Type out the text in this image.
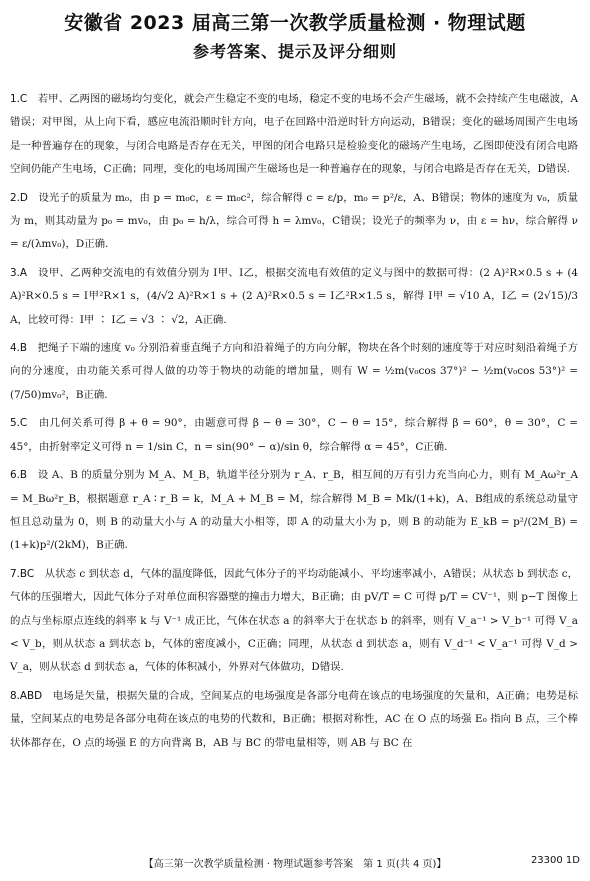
安徽省 2023 届高三第一次教学质量检测 · 物理试题
参考答案、提示及评分细则

1.C　 若甲、乙两图的磁场均匀变化，就会产生稳定不变的电场，稳定不变的电场不会产生磁场，就不会持续产生电磁波，A错误；对甲图，从上向下看，感应电流沿顺时针方向，电子在回路中沿逆时针方向运动，B错误；变化的磁场周围产生电场是一种普遍存在的现象，与闭合电路是否存在无关，甲图的闭合电路只是检验变化的磁场产生电场，乙图即使没有闭合电路空间仍能产生电场，C正确；同理，变化的电场周围产生磁场也是一种普遍存在的现象，与闭合电路是否存在无关，D错误.

2.D　 设光子的质量为 m₀，由 p = m₀c，ε = m₀c²，综合解得 c = ε/p，m₀ = p²/ε，A、B错误；物体的速度为 v₀，质量为 m，则其动量为 p₀ = mv₀，由 p₀ = h/λ，综合可得 h = λmv₀，C错误；设光子的频率为 ν，由 ε = hν，综合解得 ν = ε/(λmv₀)，D正确.

3.A　 设甲、乙两种交流电的有效值分别为 I甲、I乙，根据交流电有效值的定义与图中的数据可得：(2 A)²R×0.5 s + (4 A)²R×0.5 s = I甲²R×1 s，(4/√2 A)²R×1 s + (2 A)²R×0.5 s = I乙²R×1.5 s，解得 I甲 = √10 A，I乙 = (2√15)/3 A，比较可得：I甲 ∶ I乙 = √3 ∶ √2，A正确.

4.B　 把绳子下端的速度 v₀ 分别沿着垂直绳子方向和沿着绳子的方向分解，物块在各个时刻的速度等于对应时刻沿着绳子方向的分速度，由功能关系可得人做的功等于物块的动能的增加量，则有 W = ½m(v₀cos 37°)² − ½m(v₀cos 53°)² = (7/50)mv₀²，B正确.

5.C　 由几何关系可得 β + θ = 90°，由题意可得 β − θ = 30°，C − θ = 15°，综合解得 β = 60°，θ = 30°，C = 45°，由折射率定义可得 n = 1/sin C，n = sin(90° − α)/sin θ，综合解得 α = 45°，C正确.

6.B　 设 A、B 的质量分别为 M_A、M_B，轨道半径分别为 r_A、r_B，相互间的万有引力充当向心力，则有 M_Aω²r_A = M_Bω²r_B，根据题意 r_A ∶ r_B = k，M_A + M_B = M，综合解得 M_B = Mk/(1+k)，A、B组成的系统总动量守恒且总动量为 0，则 B 的动量大小与 A 的动量大小相等，即 A 的动量大小为 p，则 B 的动能为 E_kB = p²/(2M_B) = (1+k)p²/(2kM)，B正确.

7.BC　 从状态 c 到状态 d，气体的温度降低，因此气体分子的平均动能减小、平均速率减小，A错误；从状态 b 到状态 c，气体的压强增大，因此气体分子对单位面积容器壁的撞击力增大，B正确；由 pV/T = C 可得 p/T = CV⁻¹，则 p−T 图像上的点与坐标原点连线的斜率 k 与 V⁻¹ 成正比，气体在状态 a 的斜率大于在状态 b 的斜率，则有 V_a⁻¹ > V_b⁻¹ 可得 V_a < V_b，则从状态 a 到状态 b，气体的密度减小，C正确；同理，从状态 d 到状态 a，则有 V_d⁻¹ < V_a⁻¹ 可得 V_d > V_a，则从状态 d 到状态 a，气体的体积减小，外界对气体做功，D错误.

8.ABD　 电场是矢量，根据矢量的合成，空间某点的电场强度是各部分电荷在该点的电场强度的矢量和，A正确；电势是标量，空间某点的电势是各部分电荷在该点的电势的代数和，B正确；根据对称性，AC 在 O 点的场强 E₀ 指向 B 点，三个棒状体都存在，O 点的场强 E 的方向背离 B，AB 与 BC 的带电量相等，则 AB 与 BC 在

【高三第一次教学质量检测 · 物理试题参考答案　第 1 页(共 4 页)】	23300 1D
